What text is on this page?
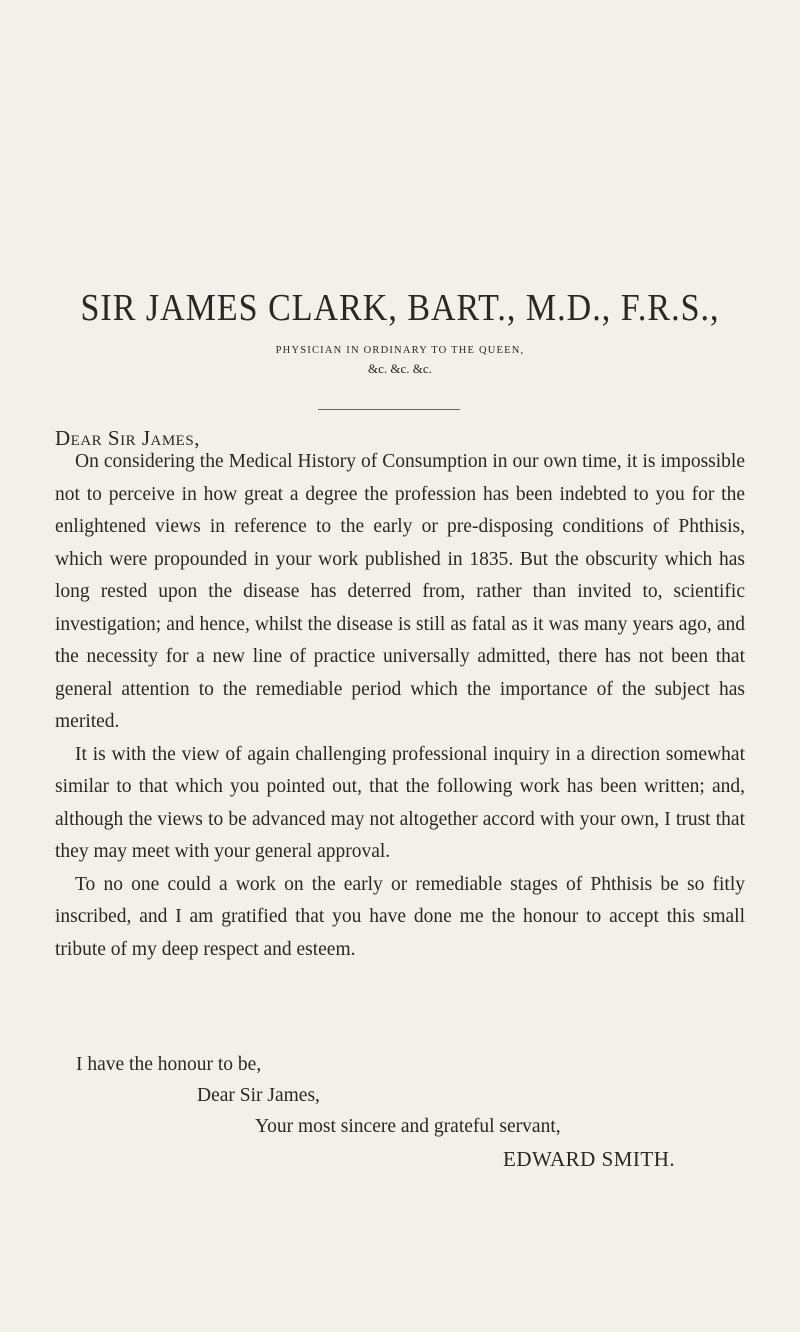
SIR JAMES CLARK, BART., M.D., F.R.S.,
PHYSICIAN IN ORDINARY TO THE QUEEN,
&c. &c. &c.
Dear Sir James,

On considering the Medical History of Consumption in our own time, it is impossible not to perceive in how great a degree the profession has been indebted to you for the enlightened views in reference to the early or pre-disposing conditions of Phthisis, which were propounded in your work published in 1835. But the obscurity which has long rested upon the disease has deterred from, rather than invited to, scientific investigation; and hence, whilst the disease is still as fatal as it was many years ago, and the necessity for a new line of practice universally admitted, there has not been that general attention to the remediable period which the importance of the subject has merited.

It is with the view of again challenging professional inquiry in a direction somewhat similar to that which you pointed out, that the following work has been written; and, although the views to be advanced may not altogether accord with your own, I trust that they may meet with your general approval.

To no one could a work on the early or remediable stages of Phthisis be so fitly inscribed, and I am gratified that you have done me the honour to accept this small tribute of my deep respect and esteem.

I have the honour to be,
Dear Sir James,
Your most sincere and grateful servant,
EDWARD SMITH.
